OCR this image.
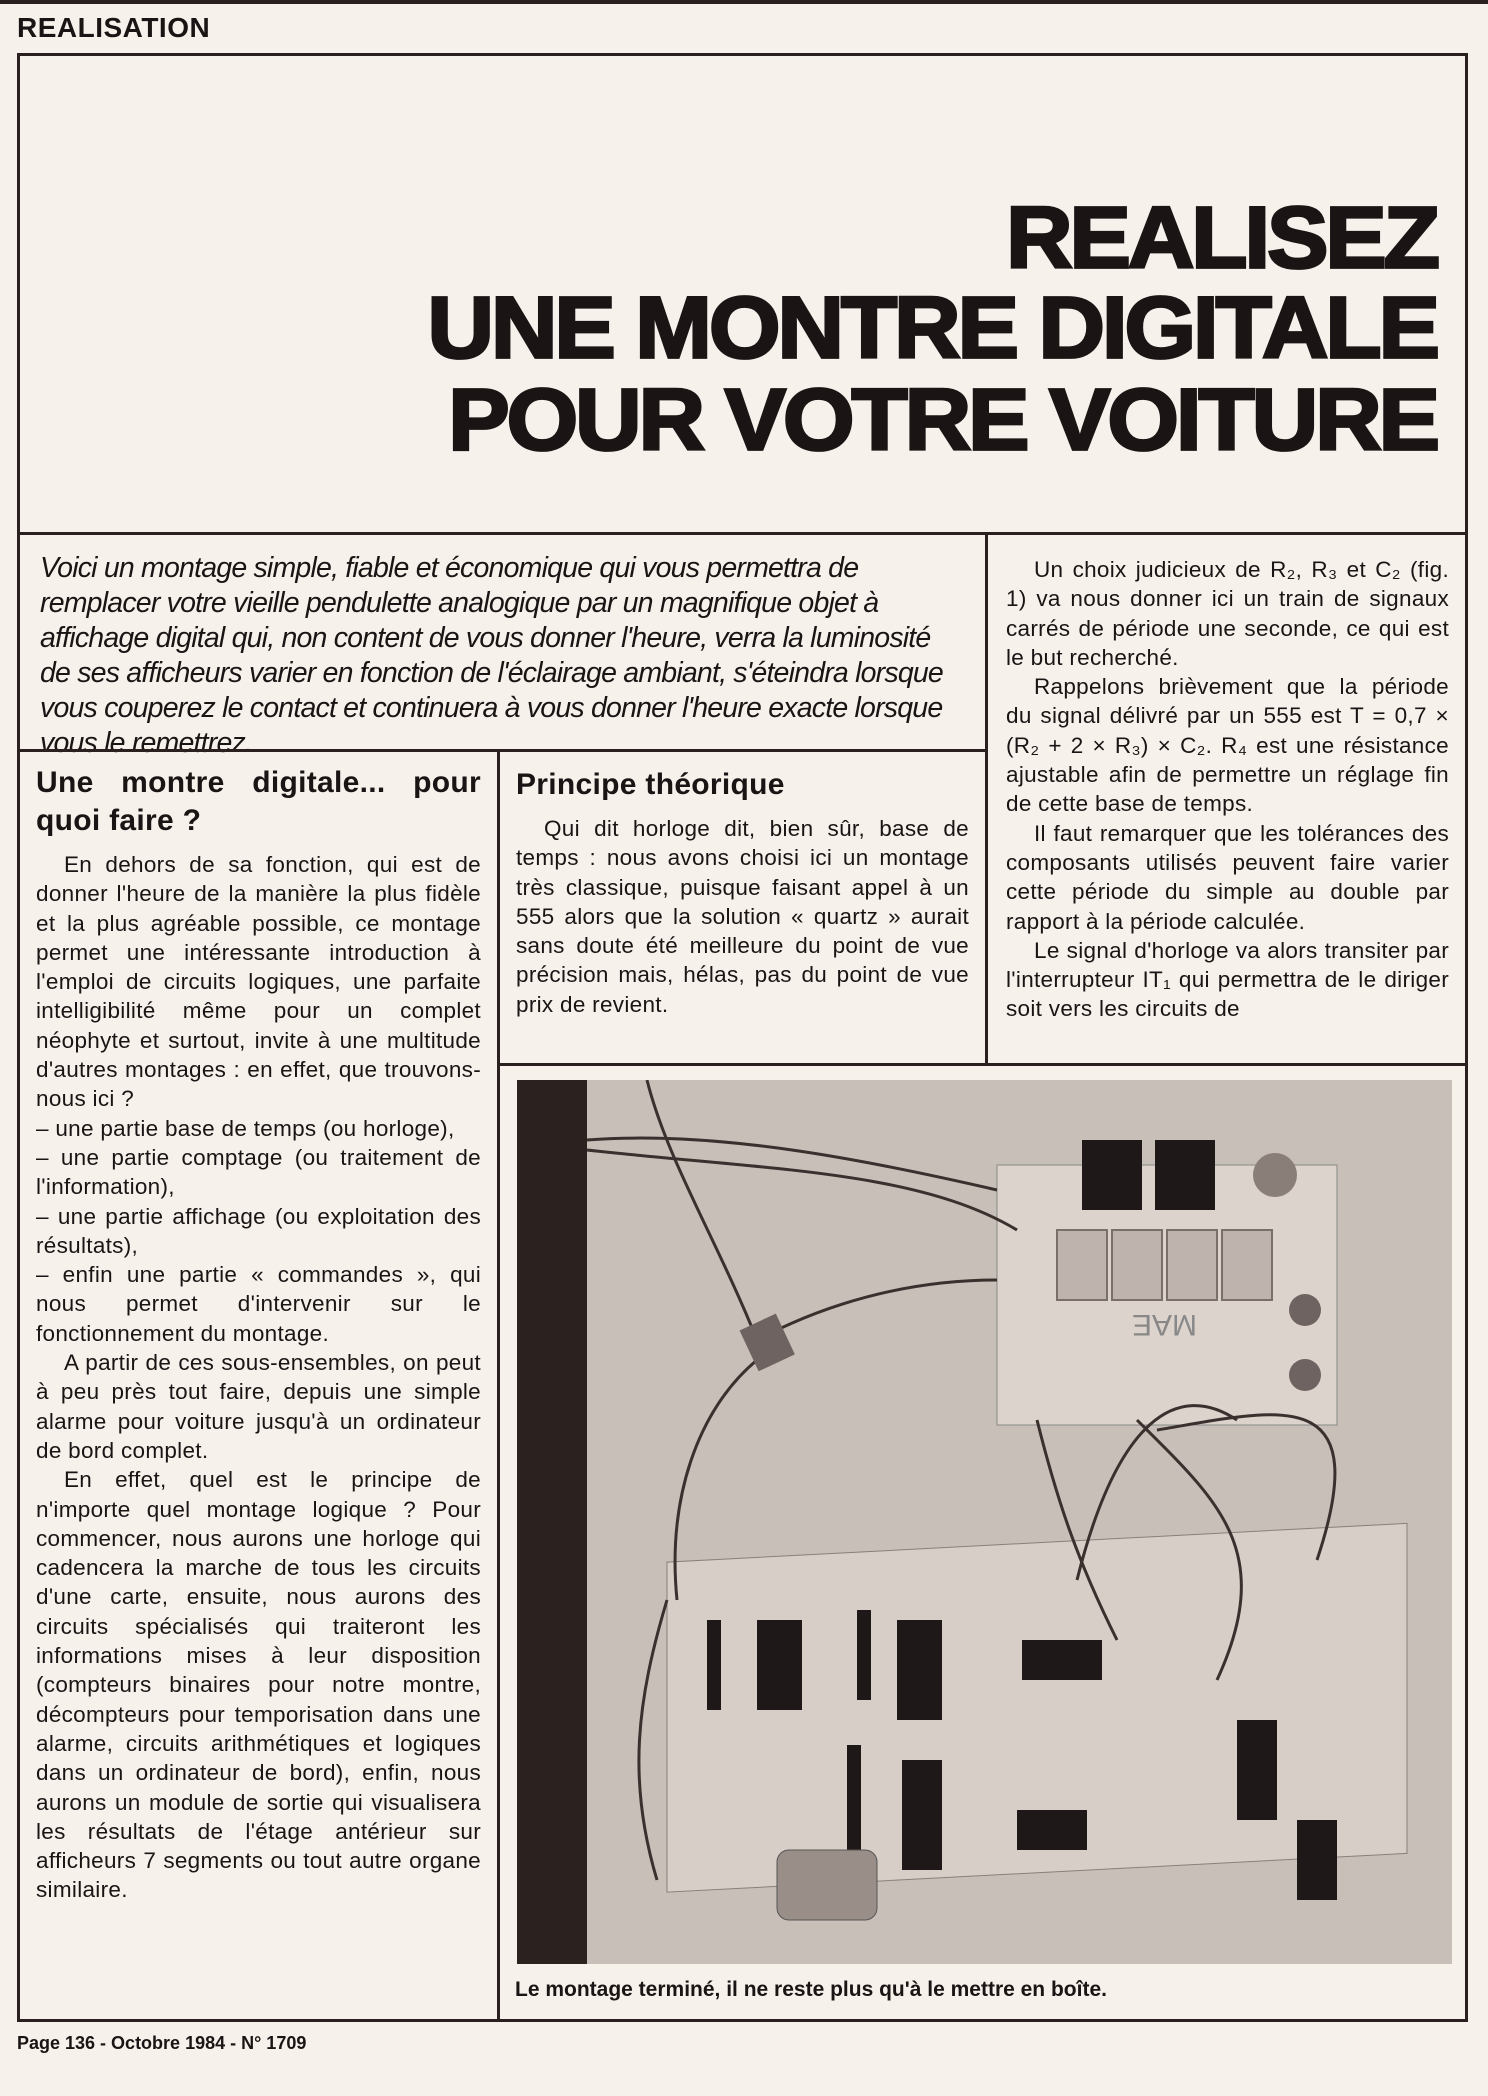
REALISATION
REALISEZ
UNE MONTRE DIGITALE
POUR VOTRE VOITURE

Voici un montage simple, fiable et économique qui vous permettra de remplacer votre vieille pendulette analogique par un magnifique objet à affichage digital qui, non content de vous donner l'heure, verra la luminosité de ses afficheurs varier en fonction de l'éclairage ambiant, s'éteindra lorsque vous couperez le contact et continuera à vous donner l'heure exacte lorsque vous le remettrez.

Un choix judicieux de R₂, R₃ et C₂ (fig. 1) va nous donner ici un train de signaux carrés de période une seconde, ce qui est le but recherché.

Rappelons brièvement que la période du signal délivré par un 555 est T = 0,7 × (R₂ + 2 × R₃) × C₂. R₄ est une résistance ajustable afin de permettre un réglage fin de cette base de temps.

Il faut remarquer que les tolérances des composants utilisés peuvent faire varier cette période du simple au double par rapport à la période calculée.

Le signal d'horloge va alors transiter par l'interrupteur IT₁ qui permettra de le diriger soit vers les circuits de

Une montre digitale... pour quoi faire ?

En dehors de sa fonction, qui est de donner l'heure de la manière la plus fidèle et la plus agréable possible, ce montage permet une intéressante introduction à l'emploi de circuits logiques, une parfaite intelligibilité même pour un complet néophyte et surtout, invite à une multitude d'autres montages : en effet, que trouvons-nous ici ?

– une partie base de temps (ou horloge),

– une partie comptage (ou traitement de l'information),

– une partie affichage (ou exploitation des résultats),

– enfin une partie « commandes », qui nous permet d'intervenir sur le fonctionnement du montage.

A partir de ces sous-ensembles, on peut à peu près tout faire, depuis une simple alarme pour voiture jusqu'à un ordinateur de bord complet.

En effet, quel est le principe de n'importe quel montage logique ? Pour commencer, nous aurons une horloge qui cadencera la marche de tous les circuits d'une carte, ensuite, nous aurons des circuits spécialisés qui traiteront les informations mises à leur disposition (compteurs binaires pour notre montre, décompteurs pour temporisation dans une alarme, circuits arithmétiques et logiques dans un ordinateur de bord), enfin, nous aurons un module de sortie qui visualisera les résultats de l'étage antérieur sur afficheurs 7 segments ou tout autre organe similaire.

Principe théorique

Qui dit horloge dit, bien sûr, base de temps : nous avons choisi ici un montage très classique, puisque faisant appel à un 555 alors que la solution « quartz » aurait sans doute été meilleure du point de vue précision mais, hélas, pas du point de vue prix de revient.

MAE
Le montage terminé, il ne reste plus qu'à le mettre en boîte.
Page 136 - Octobre 1984 - N° 1709
